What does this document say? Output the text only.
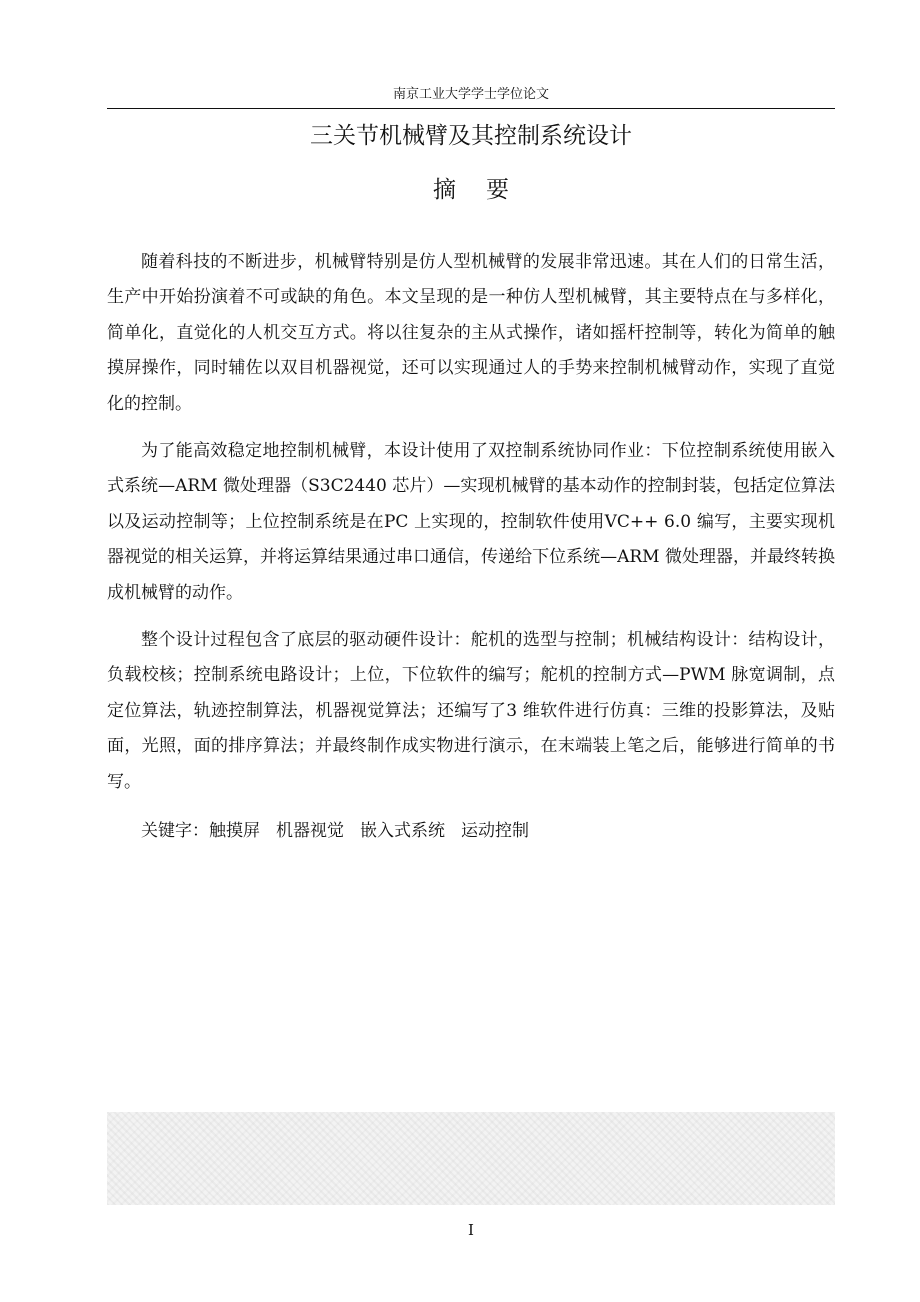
南京工业大学学士学位论文
三关节机械臂及其控制系统设计
摘 要

随着科技的不断进步，机械臂特别是仿人型机械臂的发展非常迅速。其在人们的日常生活，生产中开始扮演着不可或缺的角色。本文呈现的是一种仿人型机械臂，其主要特点在与多样化，简单化，直觉化的人机交互方式。将以往复杂的主从式操作，诸如摇杆控制等，转化为简单的触摸屏操作，同时辅佐以双目机器视觉，还可以实现通过人的手势来控制机械臂动作，实现了直觉化的控制。

为了能高效稳定地控制机械臂，本设计使用了双控制系统协同作业：下位控制系统使用嵌入式系统—ARM 微处理器（S3C2440 芯片）—实现机械臂的基本动作的控制封装，包括定位算法以及运动控制等；上位控制系统是在PC 上实现的，控制软件使用VC++ 6.0 编写，主要实现机器视觉的相关运算，并将运算结果通过串口通信，传递给下位系统—ARM 微处理器，并最终转换成机械臂的动作。

整个设计过程包含了底层的驱动硬件设计：舵机的选型与控制；机械结构设计：结构设计，负载校核；控制系统电路设计；上位，下位软件的编写；舵机的控制方式—PWM 脉宽调制，点定位算法，轨迹控制算法，机器视觉算法；还编写了3 维软件进行仿真：三维的投影算法，及贴面，光照，面的排序算法；并最终制作成实物进行演示，在末端装上笔之后，能够进行简单的书写。

关键字：触摸屏 机器视觉 嵌入式系统 运动控制
I
